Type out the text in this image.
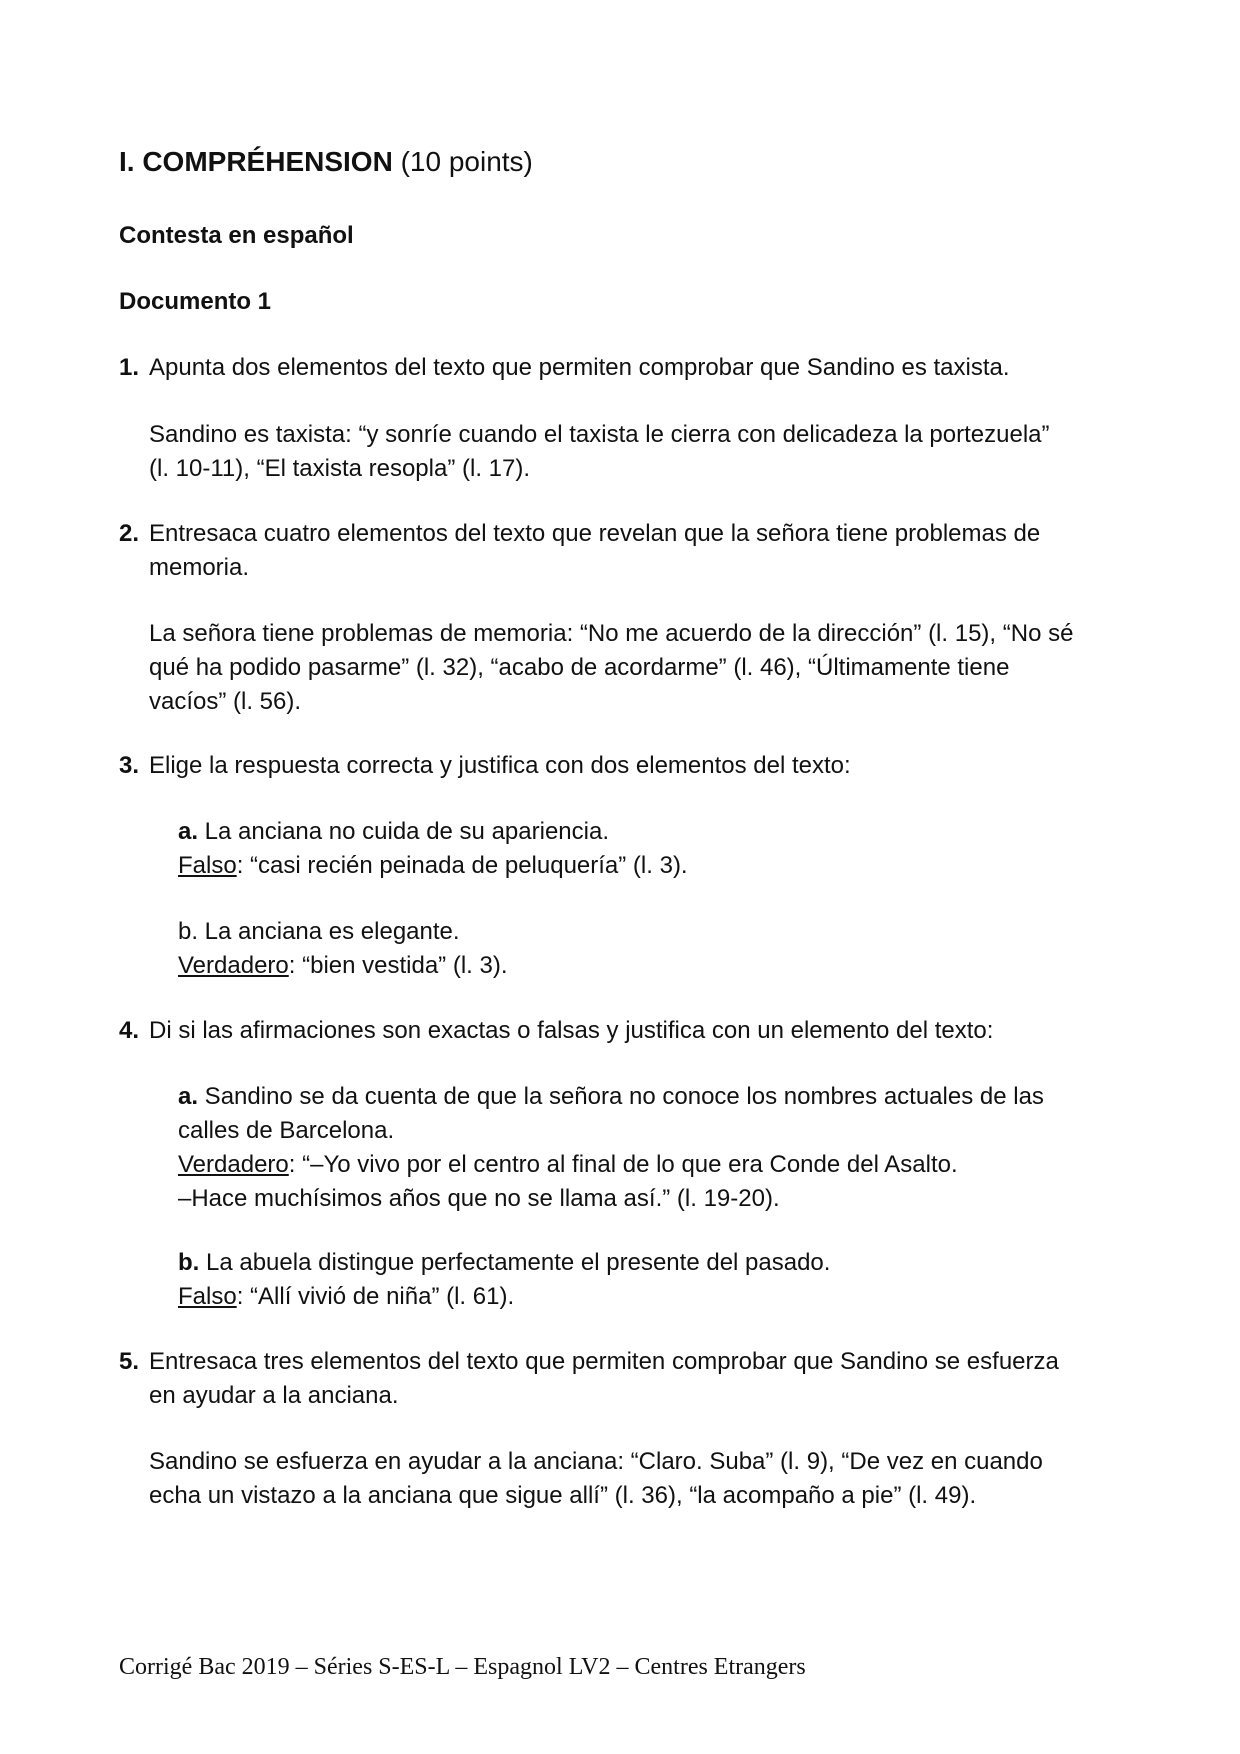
I. COMPRÉHENSION (10 points)
Contesta en español
Documento 1
1. Apunta dos elementos del texto que permiten comprobar que Sandino es taxista.
Sandino es taxista: “y sonríe cuando el taxista le cierra con delicadeza la portezuela”
(l. 10-11), “El taxista resopla” (l. 17).
2. Entresaca cuatro elementos del texto que revelan que la señora tiene problemas de
memoria.
La señora tiene problemas de memoria: “No me acuerdo de la dirección” (l. 15), “No sé
qué ha podido pasarme” (l. 32), “acabo de acordarme” (l. 46), “Últimamente tiene
vacíos” (l. 56).
3. Elige la respuesta correcta y justifica con dos elementos del texto:
a. La anciana no cuida de su apariencia.
Falso: “casi recién peinada de peluquería” (l. 3).
b. La anciana es elegante.
Verdadero: “bien vestida” (l. 3).
4. Di si las afirmaciones son exactas o falsas y justifica con un elemento del texto:
a. Sandino se da cuenta de que la señora no conoce los nombres actuales de las
calles de Barcelona.
Verdadero: “–Yo vivo por el centro al final de lo que era Conde del Asalto.
–Hace muchísimos años que no se llama así.” (l. 19-20).
b. La abuela distingue perfectamente el presente del pasado.
Falso: “Allí vivió de niña” (l. 61).
5. Entresaca tres elementos del texto que permiten comprobar que Sandino se esfuerza
en ayudar a la anciana.
Sandino se esfuerza en ayudar a la anciana: “Claro. Suba” (l. 9), “De vez en cuando
echa un vistazo a la anciana que sigue allí” (l. 36), “la acompaño a pie” (l. 49).
Corrigé Bac 2019 – Séries S-ES-L – Espagnol LV2 – Centres Etrangers
